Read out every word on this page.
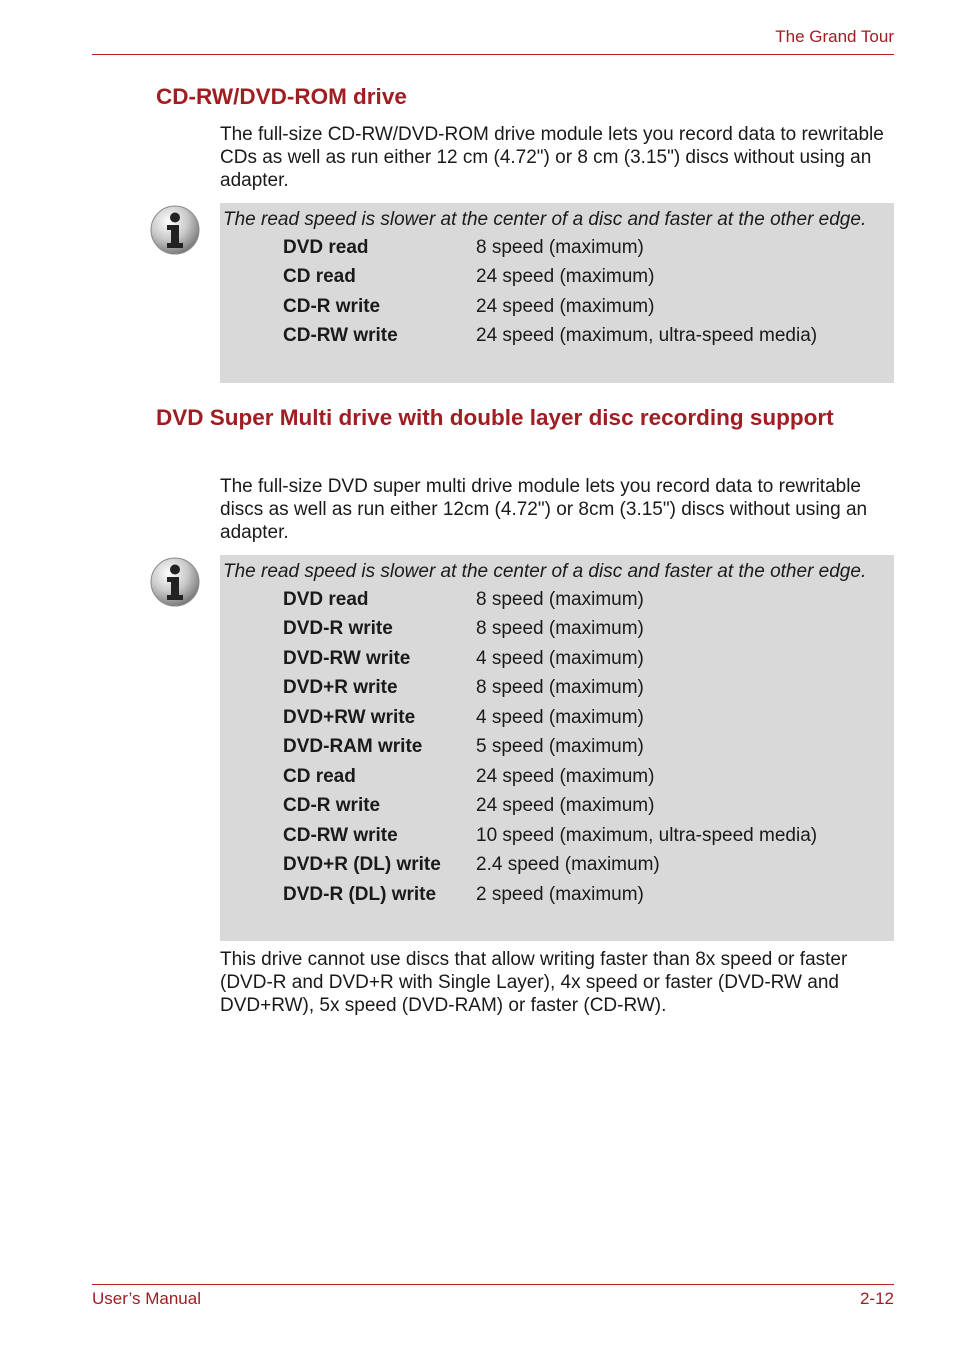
The Grand Tour
CD-RW/DVD-ROM drive
The full-size CD-RW/DVD-ROM drive module lets you record data to rewritable CDs as well as run either 12 cm (4.72") or 8 cm (3.15") discs without using an adapter.
The read speed is slower at the center of a disc and faster at the other edge.
DVD read	8 speed (maximum)
CD read	24 speed (maximum)
CD-R write	24 speed (maximum)
CD-RW write	24 speed (maximum, ultra-speed media)
DVD Super Multi drive with double layer disc recording support
The full-size DVD super multi drive module lets you record data to rewritable discs as well as run either 12cm (4.72") or 8cm (3.15") discs without using an adapter.
The read speed is slower at the center of a disc and faster at the other edge.
DVD read	8 speed (maximum)
DVD-R write	8 speed (maximum)
DVD-RW write	4 speed (maximum)
DVD+R write	8 speed (maximum)
DVD+RW write	4 speed (maximum)
DVD-RAM write	5 speed (maximum)
CD read	24 speed (maximum)
CD-R write	24 speed (maximum)
CD-RW write	10 speed (maximum, ultra-speed media)
DVD+R (DL) write	2.4 speed (maximum)
DVD-R (DL) write	2 speed (maximum)
This drive cannot use discs that allow writing faster than 8x speed or faster (DVD-R and DVD+R with Single Layer), 4x speed or faster (DVD-RW and DVD+RW), 5x speed (DVD-RAM) or faster (CD-RW).
User’s Manual	2-12
